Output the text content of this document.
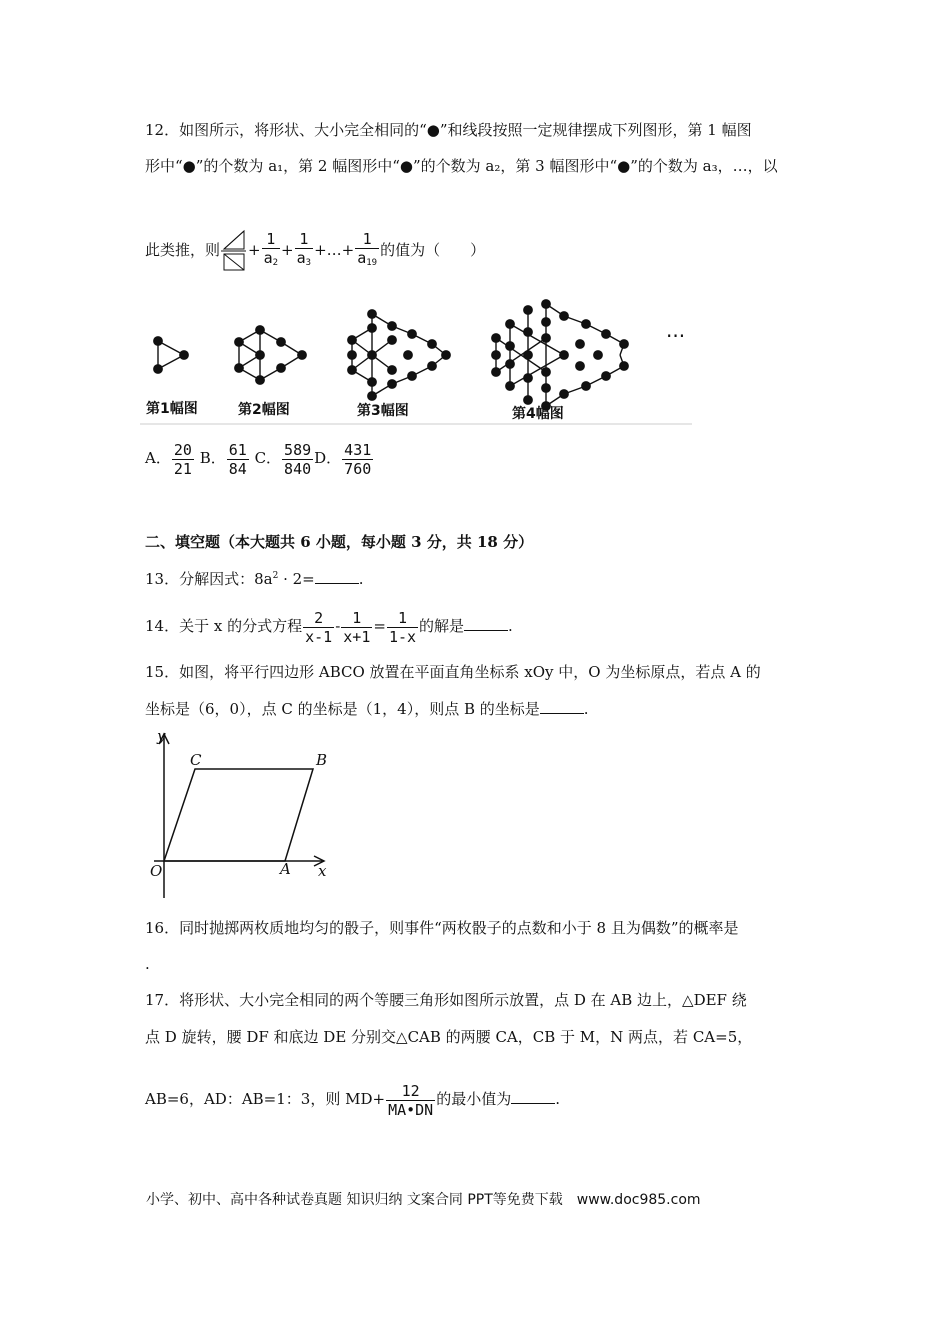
12．如图所示，将形状、大小完全相同的“●”和线段按照一定规律摆成下列图形，第 1 幅图
形中“●”的个数为 a₁，第 2 幅图形中“●”的个数为 a₂，第 3 幅图形中“●”的个数为 a₃，…，以
此类推，则 + $\frac{1}{a_2} + \frac{1}{a_3}$ +…+ $\frac{1}{a_{19}}$ 的值为（　　）
第1幅图	第2幅图	第3幅图	第4幅图
···
A． $\frac{20}{21}$ B． $\frac{61}{84}$ C． $\frac{589}{840}$ D． $\frac{431}{760}$
二、填空题（本大题共 6 小题，每小题 3 分，共 18 分）
13．分解因式：$8a^2 \cdot 2=$	.
14．关于 x 的分式方程 $\frac{2}{x-1} - \frac{1}{x+1} = \frac{1}{1-x}$ 的解是	.
15．如图，将平行四边形 ABCO 放置在平面直角坐标系 xOy 中，O 为坐标原点，若点 A 的
坐标是（6，0），点 C 的坐标是（1，4），则点 B 的坐标是	.
y
x
O	A
B
C
16．同时抛掷两枚质地均匀的骰子，则事件“两枚骰子的点数和小于 8 且为偶数”的概率是
.
17．将形状、大小完全相同的两个等腰三角形如图所示放置，点 D 在 AB 边上，△DEF 绕
点 D 旋转，腰 DF 和底边 DE 分别交△CAB 的两腰 CA，CB 于 M，N 两点，若 CA=5，
AB=6，AD：AB=1：3，则 $MD+ \frac{12}{MA•DN}$ 的最小值为	.
小学、初中、高中各种试卷真题 知识归纳 文案合同 PPT等免费下载　www.doc985.com
